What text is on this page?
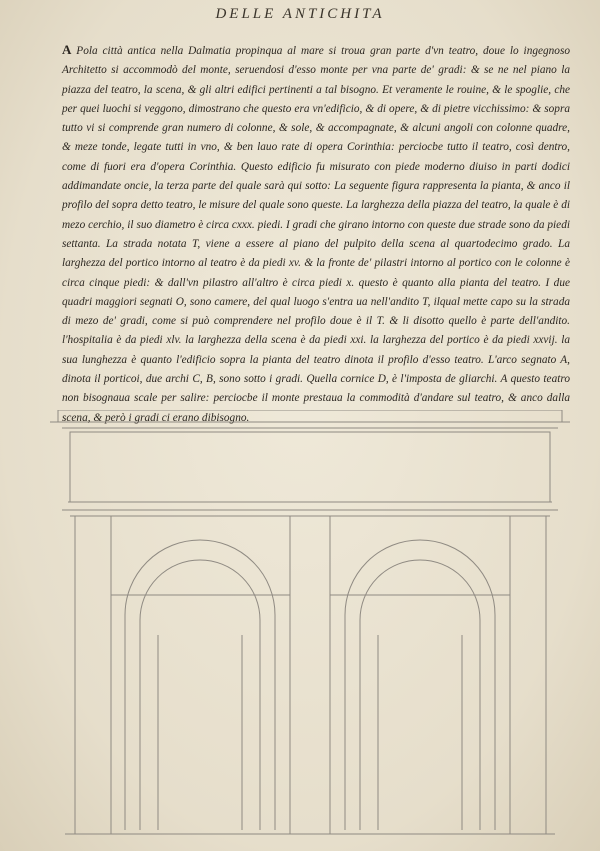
DELLE ANTICHITA

A Pola città antica nella Dalmatia propinqua al mare si troua gran parte d'vn teatro, doue lo ingegnoso Architetto si accommodò del monte, seruendosi d'esso monte per vna parte de' gradi: & se ne nel piano la piazza del teatro, la scena, & gli altri edifici pertinenti a tal bisogno. Et veramente le rouine, & le spoglie, che per quei luochi si veggono, dimostrano che questo era vn'edificio, & di opere, & di pietre vicchissimo: & sopra tutto vi si comprende gran numero di colonne, & sole, & accompagnate, & alcuni angoli con colonne quadre, & meze tonde, legate tutti in vno, & ben lauo rate di opera Corinthia: perciocbe tutto il teatro, così dentro, come di fuori era d'opera Corinthia. Questo edificio fu misurato con piede moderno diuiso in parti dodici addimandate oncie, la terza parte del quale sarà qui sotto: La seguente figura rappresenta la pianta, & anco il profilo del sopra detto teatro, le misure del quale sono queste. La larghezza della piazza del teatro, la quale è di mezo cerchio, il suo diametro è circa cxxx. piedi. I gradi che girano intorno con queste due strade sono da piedi settanta. La strada notata T, viene a essere al piano del pulpito della scena al quartodecimo grado. La larghezza del portico intorno al teatro è da piedi xv. & la fronte de' pilastri intorno al portico con le colonne è circa cinque piedi: & dall'vn pilastro all'altro è circa piedi x. questo è quanto alla pianta del teatro. I due quadri maggiori segnati O, sono camere, del qual luogo s'entra ua nell'andito T, ilqual mette capo su la strada di mezo de' gradi, come si può comprendere nel profilo doue è il T. & li disotto quello è parte dell'andito. l'hospitalia è da piedi xlv. la larghezza della scena è da piedi xxi. la larghezza del portico è da piedi xxvij. la sua lunghezza è quanto l'edificio sopra la pianta del teatro dinota il profilo d'esso teatro. L'arco segnato A, dinota il porticoi, due archi C, B, sono sotto i gradi. Quella cornice D, è l'imposta de gliarchi. A questo teatro non bisognaua scale per salire: perciocbe il monte prestaua la commodità d'andare sul teatro, & anco dalla scena, & però i gradi ci erano dibisogno.
